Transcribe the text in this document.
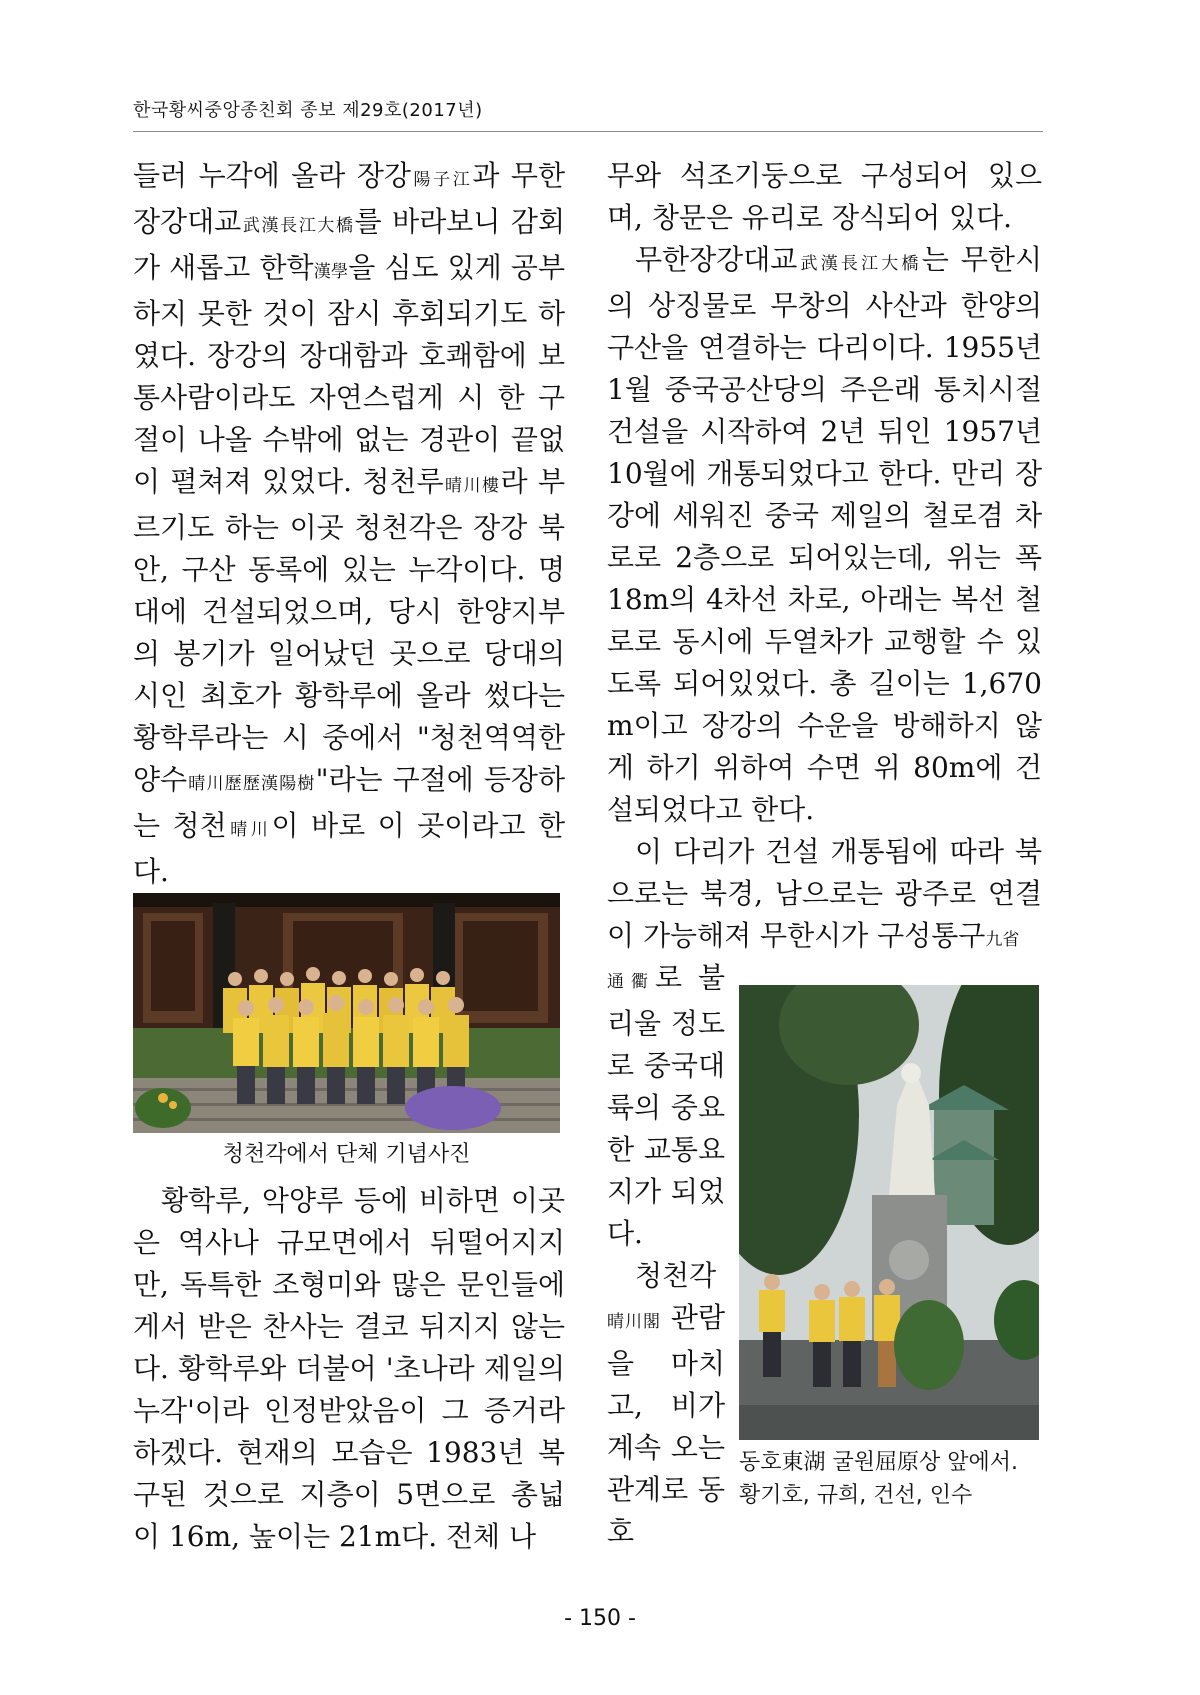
한국황씨중앙종친회 종보 제29호(2017년)

들러 누각에 올라 장강陽子江과 무한장강대교武漢長江大橋를 바라보니 감회가 새롭고 한학漢學을 심도 있게 공부하지 못한 것이 잠시 후회되기도 하였다. 장강의 장대함과 호쾌함에 보통사람이라도 자연스럽게 시 한 구절이 나올 수밖에 없는 경관이 끝없이 펼쳐져 있었다. 청천루晴川樓라 부르기도 하는 이곳 청천각은 장강 북안, 구산 동록에 있는 누각이다. 명대에 건설되었으며, 당시 한양지부의 봉기가 일어났던 곳으로 당대의 시인 최호가 황학루에 올라 썼다는 황학루라는 시 중에서 "청천역역한양수晴川歷歷漢陽樹"라는 구절에 등장하는 청천晴川이 바로 이 곳이라고 한다.

청천각에서 단체 기념사진

황학루, 악양루 등에 비하면 이곳은 역사나 규모면에서 뒤떨어지지만, 독특한 조형미와 많은 문인들에게서 받은 찬사는 결코 뒤지지 않는다. 황학루와 더불어 '초나라 제일의 누각'이라 인정받았음이 그 증거라 하겠다. 현재의 모습은 1983년 복구된 것으로 지층이 5면으로 총넓이 16m, 높이는 21m다. 전체 나

무와 석조기둥으로 구성되어 있으며, 창문은 유리로 장식되어 있다.

무한장강대교武漢長江大橋는 무한시의 상징물로 무창의 사산과 한양의 구산을 연결하는 다리이다. 1955년 1월 중국공산당의 주은래 통치시절 건설을 시작하여 2년 뒤인 1957년 10월에 개통되었다고 한다. 만리 장강에 세워진 중국 제일의 철로겸 차로로 2층으로 되어있는데, 위는 폭 18m의 4차선 차로, 아래는 복선 철로로 동시에 두열차가 교행할 수 있도록 되어있었다. 총 길이는 1,670m이고 장강의 수운을 방해하지 않게 하기 위하여 수면 위 80m에 건설되었다고 한다.

이 다리가 건설 개통됨에 따라 북으로는 북경, 남으로는 광주로 연결이 가능해져 무한시가 구성통구九省

通衢로 불리울 정도로 중국대륙의 중요한 교통요지가 되었다.

청천각晴川閣 관람을 마치고, 비가 계속 오는 관계로 동호

동호東湖 굴원屈原상 앞에서. 황기호, 규희, 건선, 인수
- 150 -
